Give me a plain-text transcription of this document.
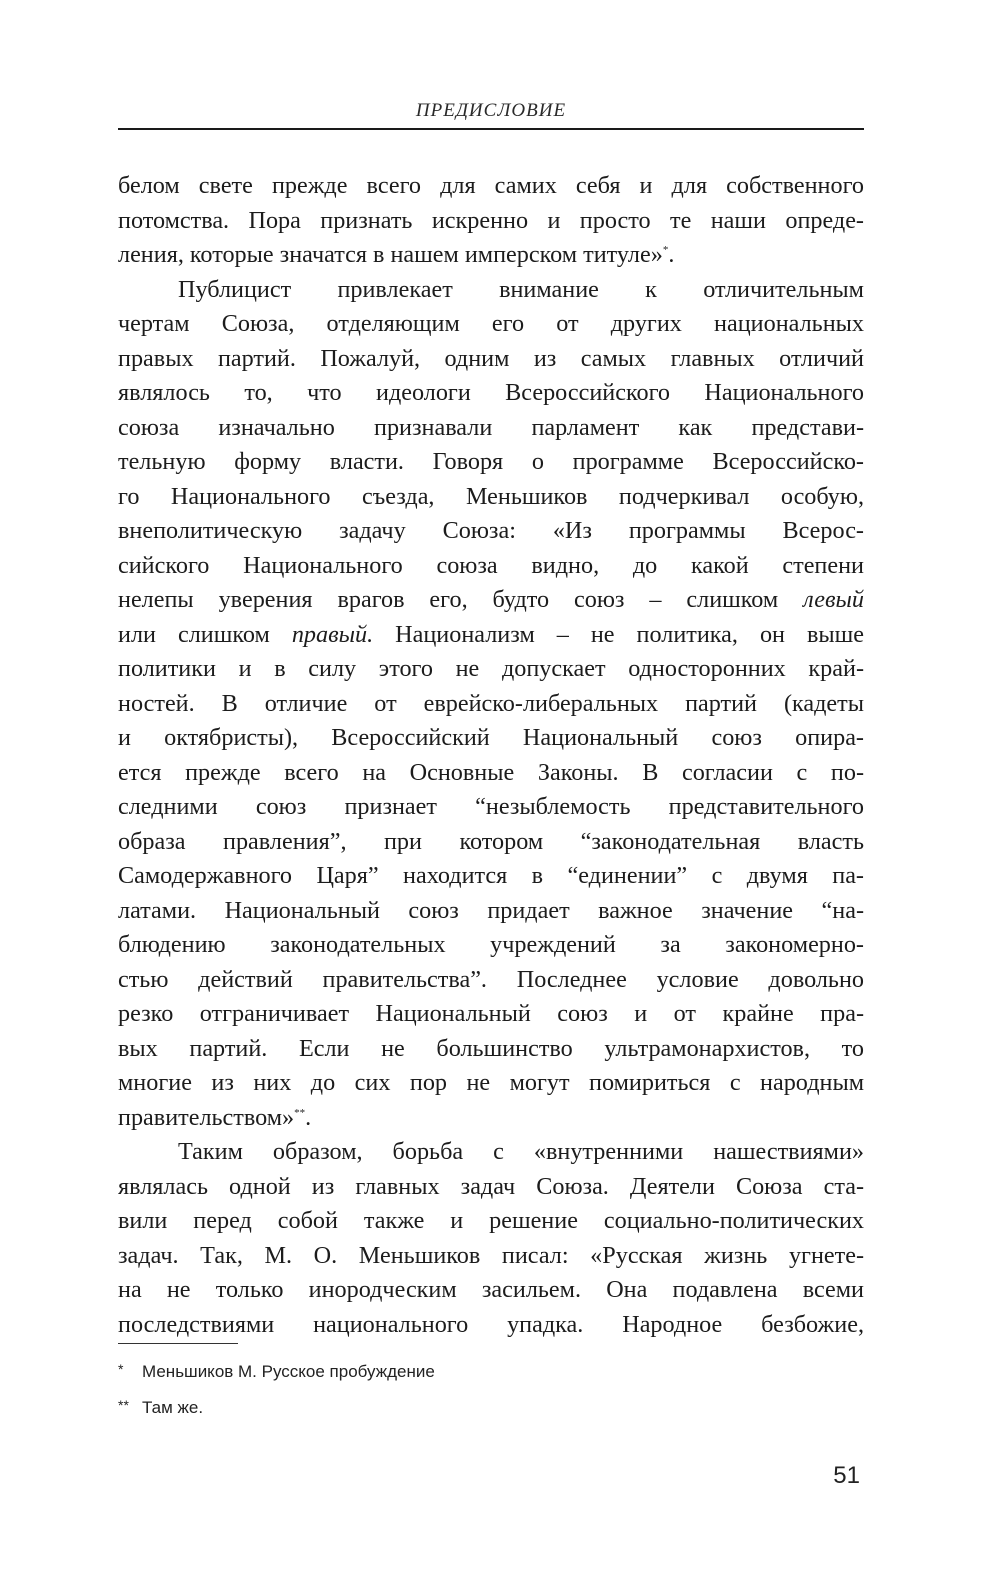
ПРЕДИСЛОВИЕ
белом свете прежде всего для самих себя и для собственного
потомства. Пора признать искренно и просто те наши опреде-
ления, которые значатся в нашем имперском титуле»*.
Публицист привлекает внимание к отличительным
чертам Союза, отделяющим его от других национальных
правых партий. Пожалуй, одним из самых главных отличий
являлось то, что идеологи Всероссийского Национального
союза изначально признавали парламент как представи-
тельную форму власти. Говоря о программе Всероссийско-
го Национального съезда, Меньшиков подчеркивал особую,
внеполитическую задачу Союза: «Из программы Всерос-
сийского Национального союза видно, до какой степени
нелепы уверения врагов его, будто союз – слишком левый
или слишком правый. Национализм – не политика, он выше
политики и в силу этого не допускает односторонних край-
ностей. В отличие от еврейско-либеральных партий (кадеты
и октябристы), Всероссийский Национальный союз опира-
ется прежде всего на Основные Законы. В согласии с по-
следними союз признает “незыблемость представительного
образа правления”, при котором “законодательная власть
Самодержавного Царя” находится в “единении” с двумя па-
латами. Национальный союз придает важное значение “на-
блюдению законодательных учреждений за закономерно-
стью действий правительства”. Последнее условие довольно
резко отграничивает Национальный союз и от крайне пра-
вых партий. Если не большинство ультрамонархистов, то
многие из них до сих пор не могут помириться с народным
правительством»**.
Таким образом, борьба с «внутренними нашествиями»
являлась одной из главных задач Союза. Деятели Союза ста-
вили перед собой также и решение социально-политических
задач. Так, М. О. Меньшиков писал: «Русская жизнь угнете-
на не только инородческим засильем. Она подавлена всеми
последствиями национального упадка. Народное безбожие,
* Меньшиков М. Русское пробуждение
** Там же.
51
